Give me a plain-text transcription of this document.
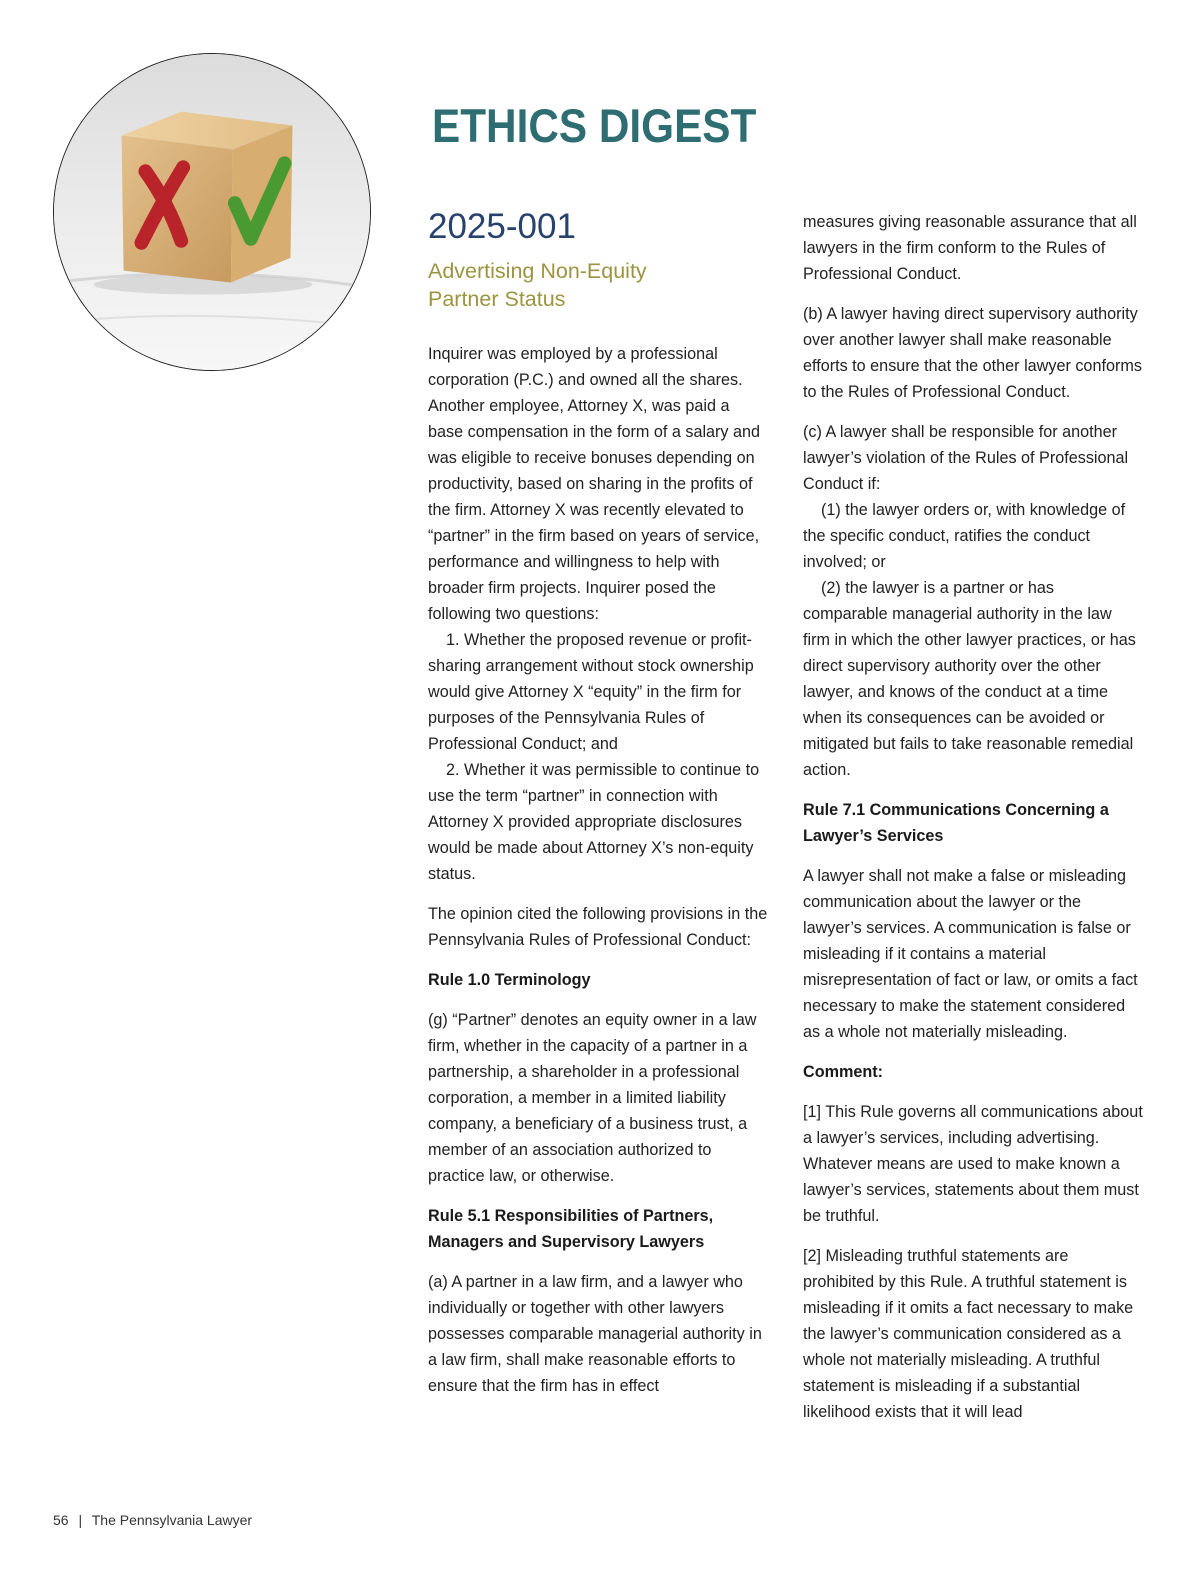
ETHICS DIGEST
2025-001
Advertising Non-Equity
Partner Status

Inquirer was employed by a professional corporation (P.C.) and owned all the shares. Another employee, Attorney X, was paid a base compensation in the form of a salary and was eligible to receive bonuses depending on productivity, based on sharing in the profits of the firm. Attorney X was recently elevated to “partner” in the firm based on years of service, performance and willingness to help with broader firm projects. Inquirer posed the following two questions:

1. Whether the proposed revenue or profit-sharing arrangement without stock ownership would give Attorney X “equity” in the firm for purposes of the Pennsylvania Rules of Professional Conduct; and

2. Whether it was permissible to continue to use the term “partner” in connection with Attorney X provided appropriate disclosures would be made about Attorney X’s non-equity status.

The opinion cited the following provisions in the Pennsylvania Rules of Professional Conduct:

Rule 1.0 Terminology

(g) “Partner” denotes an equity owner in a law firm, whether in the capacity of a partner in a partnership, a shareholder in a professional corporation, a member in a limited liability company, a beneficiary of a business trust, a member of an association authorized to practice law, or otherwise.

Rule 5.1 Responsibilities of Partners, Managers and Supervisory Lawyers

(a) A partner in a law firm, and a lawyer who individually or together with other lawyers possesses comparable managerial authority in a law firm, shall make reasonable efforts to ensure that the firm has in effect

measures giving reasonable assurance that all lawyers in the firm conform to the Rules of Professional Conduct.

(b) A lawyer having direct supervisory authority over another lawyer shall make reasonable efforts to ensure that the other lawyer conforms to the Rules of Professional Conduct.

(c) A lawyer shall be responsible for another lawyer’s violation of the Rules of Professional Conduct if:

(1) the lawyer orders or, with knowledge of the specific conduct, ratifies the conduct involved; or

(2) the lawyer is a partner or has comparable managerial authority in the law firm in which the other lawyer practices, or has direct supervisory authority over the other lawyer, and knows of the conduct at a time when its consequences can be avoided or mitigated but fails to take reasonable remedial action.

Rule 7.1 Communications Concerning a Lawyer’s Services

A lawyer shall not make a false or misleading communication about the lawyer or the lawyer’s services. A communication is false or misleading if it contains a material misrepresentation of fact or law, or omits a fact necessary to make the statement considered as a whole not materially misleading.

Comment:

[1] This Rule governs all communications about a lawyer’s services, including advertising. Whatever means are used to make known a lawyer’s services, statements about them must be truthful.

[2] Misleading truthful statements are prohibited by this Rule. A truthful statement is misleading if it omits a fact necessary to make the lawyer’s communication considered as a whole not materially misleading. A truthful statement is misleading if a substantial likelihood exists that it will lead

56 | The Pennsylvania Lawyer
